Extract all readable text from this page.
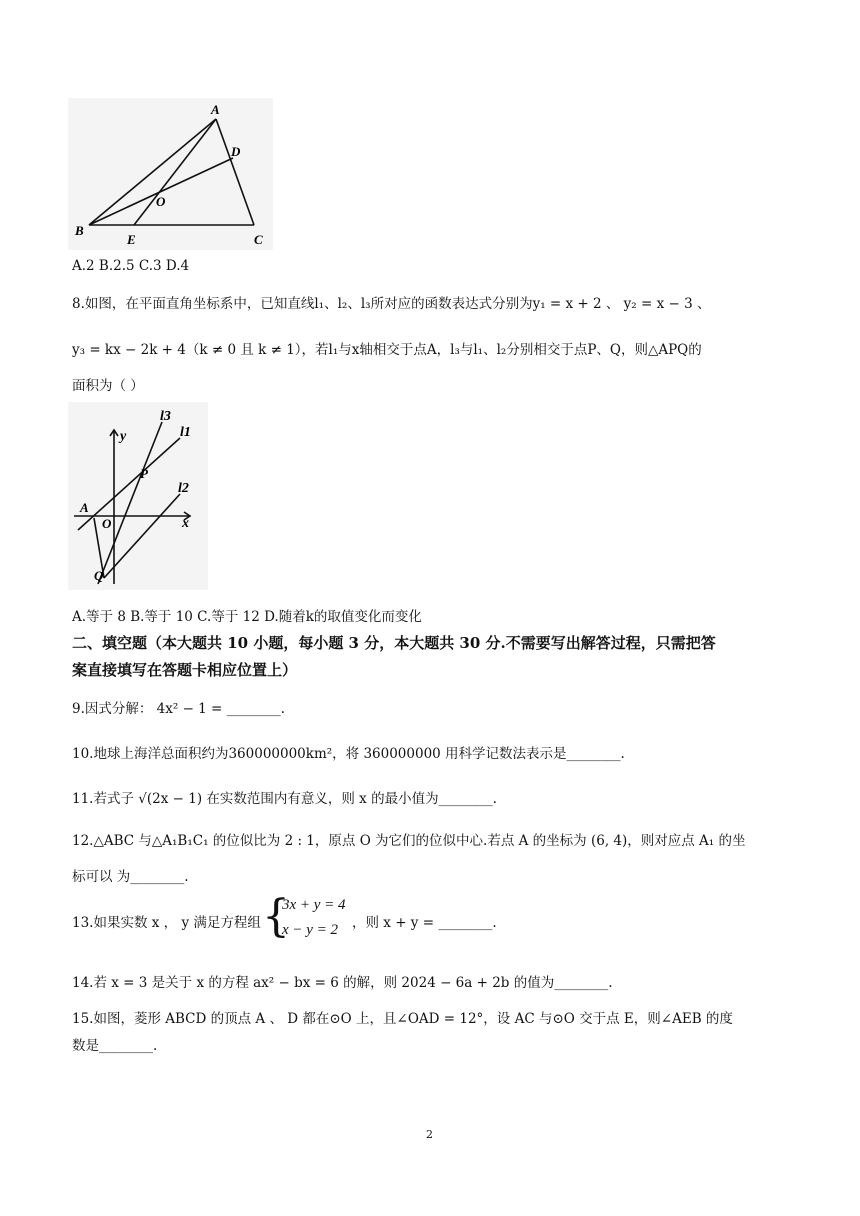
A
D
O
B
E	C
A.2 B.2.5 C.3 D.4
8.如图，在平面直角坐标系中，已知直线l₁、l₂、l₃所对应的函数表达式分别为y₁ = x + 2 、 y₂ = x − 3 、
y₃ = kx − 2k + 4（k ≠ 0 且 k ≠ 1），若l₁与x轴相交于点A，l₃与l₁、l₂分别相交于点P、Q，则△APQ的
面积为（ ）
y
x
l3
l1
l2
P
A
O
Q
A.等于 8 B.等于 10 C.等于 12 D.随着k的取值变化而变化
二、填空题（本大题共 10 小题，每小题 3 分，本大题共 30 分.不需要写出解答过程，只需把答
案直接填写在答题卡相应位置上）
9.因式分解： 4x² − 1 = ________.
10.地球上海洋总面积约为360000000km²，将 360000000 用科学记数法表示是________.
11.若式子 √(2x − 1) 在实数范围内有意义，则 x 的最小值为________.
12.△ABC 与△A₁B₁C₁ 的位似比为 2 : 1，原点 O 为它们的位似中心.若点 A 的坐标为 (6, 4)，则对应点 A₁ 的坐
标可以 为________.
13.如果实数 x ， y 满足方程组 {
3x + y = 4
x − y = 2 ，则 x + y = ________.
14.若 x = 3 是关于 x 的方程 ax² − bx = 6 的解，则 2024 − 6a + 2b 的值为________.
15.如图，菱形 ABCD 的顶点 A 、 D 都在⊙O 上，且∠OAD = 12°，设 AC 与⊙O 交于点 E，则∠AEB 的度
数是________.
2
